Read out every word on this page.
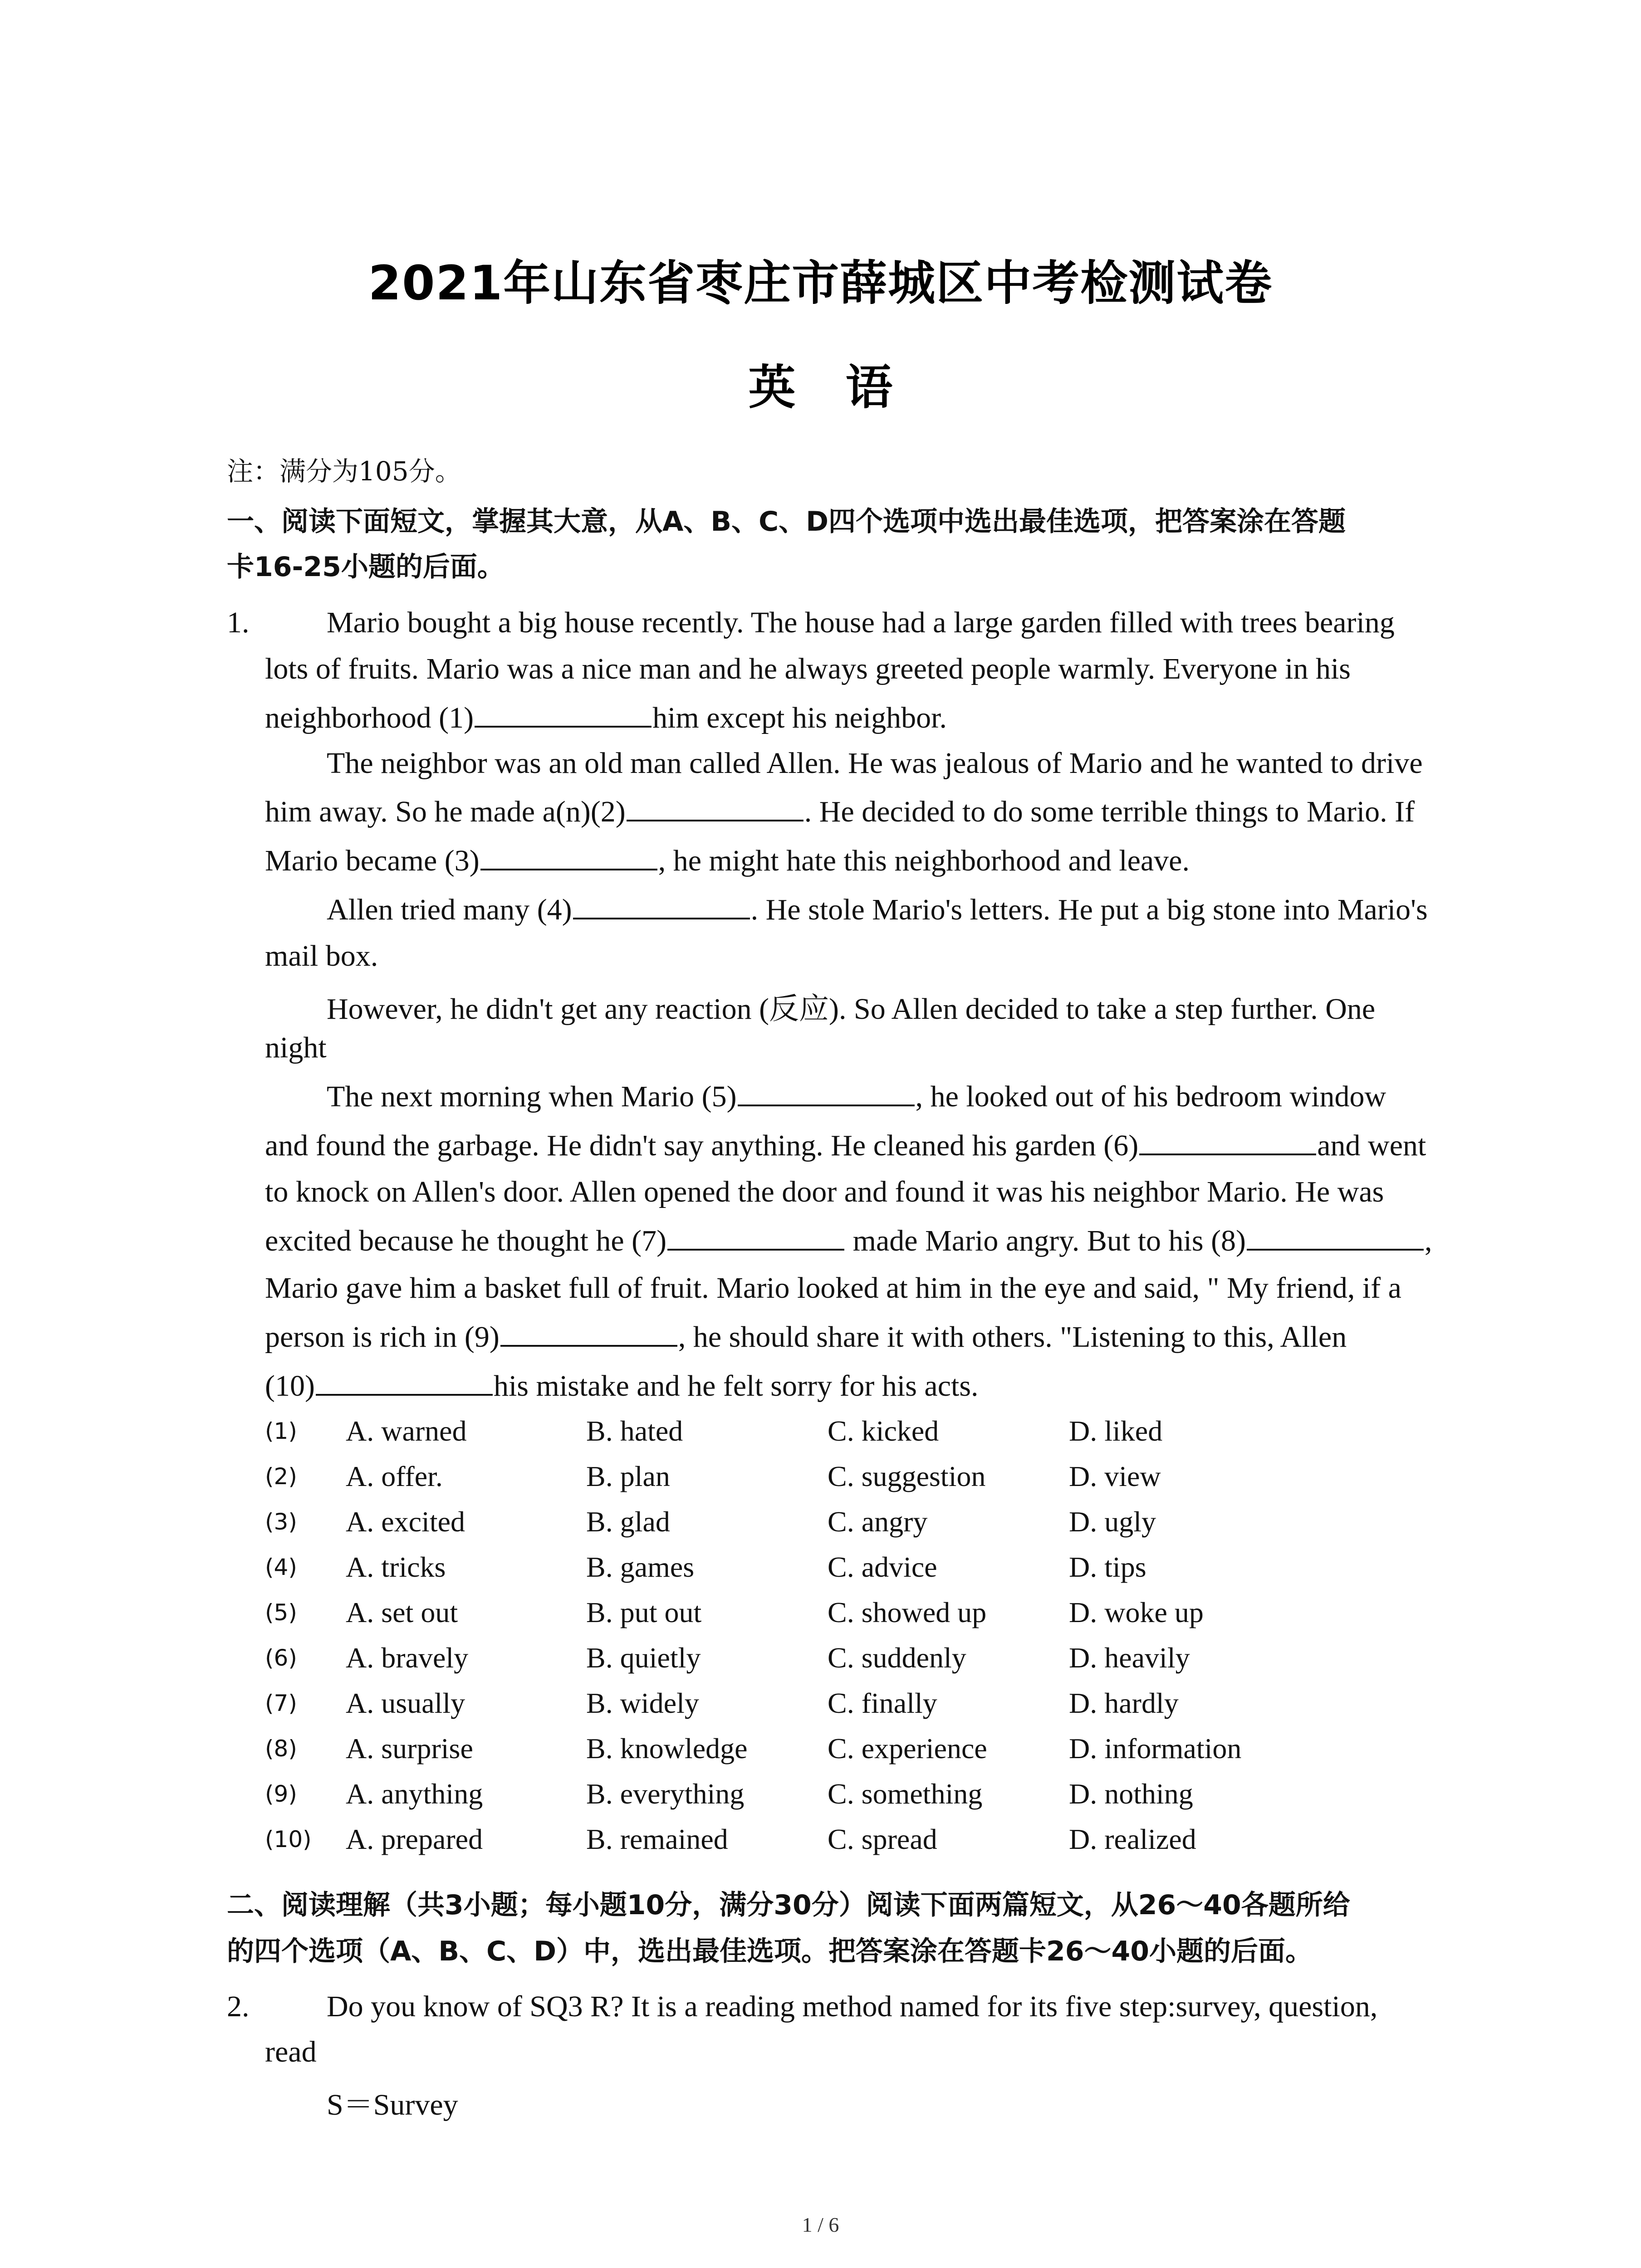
2021年山东省枣庄市薛城区中考检测试卷
英语
注：满分为105分。
一、阅读下面短文，掌握其大意，从A、B、C、D四个选项中选出最佳选项，把答案涂在答题
卡16-25小题的后面。
1.	Mario bought a big house recently. The house had a large garden filled with trees bearing
lots of fruits. Mario was a nice man and he always greeted people warmly. Everyone in his
neighborhood (1)	him except his neighbor.
The neighbor was an old man called Allen. He was jealous of Mario and he wanted to drive
him away. So he made a(n)(2)	. He decided to do some terrible things to Mario. If
Mario became (3)	, he might hate this neighborhood and leave.
Allen tried many (4)	. He stole Mario's letters. He put a big stone into Mario's
mail box.
However, he didn't get any reaction (反应). So Allen decided to take a step further. One
night
The next morning when Mario (5)	, he looked out of his bedroom window
and found the garbage. He didn't say anything. He cleaned his garden (6)	and went
to knock on Allen's door. Allen opened the door and found it was his neighbor Mario. He was
excited because he thought he (7)	made Mario angry. But to his (8)	,
Mario gave him a basket full of fruit. Mario looked at him in the eye and said, " My friend, if a
person is rich in (9)	, he should share it with others. "Listening to this, Allen
(10)	his mistake and he felt sorry for his acts.
(1) A. warned	B. hated	C. kicked	D. liked
(2) A. offer.	B. plan	C. suggestion	D. view
(3) A. excited	B. glad	C. angry	D. ugly
(4) A. tricks	B. games	C. advice	D. tips
(5) A. set out	B. put out	C. showed up	D. woke up
(6) A. bravely	B. quietly	C. suddenly	D. heavily
(7) A. usually	B. widely	C. finally	D. hardly
(8) A. surprise	B. knowledge	C. experience	D. information
(9) A. anything	B. everything	C. something	D. nothing
(10) A. prepared	B. remained	C. spread	D. realized
二、阅读理解（共3小题；每小题10分，满分30分）阅读下面两篇短文，从26～40各题所给
的四个选项（A、B、C、D）中，选出最佳选项。把答案涂在答题卡26～40小题的后面。
2.	Do you know of SQ3 R? It is a reading method named for its five step:survey, question,
read
S＝Survey
1 / 6
